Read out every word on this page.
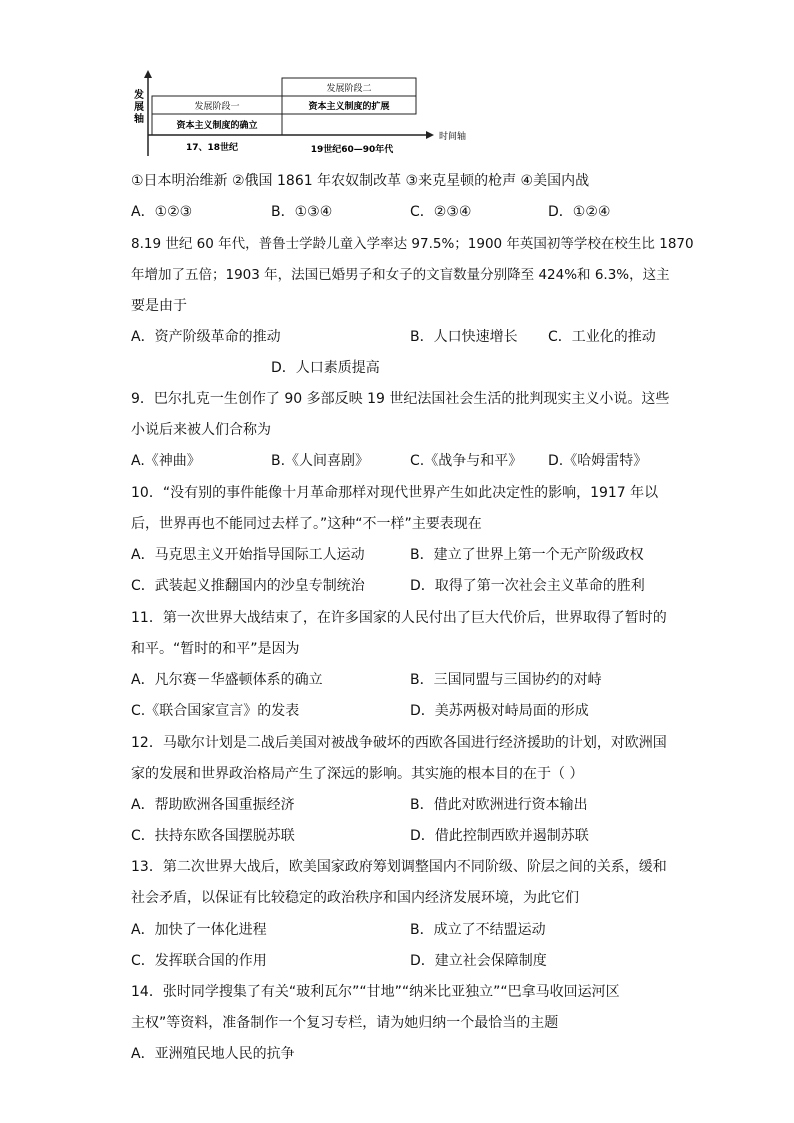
发
展
轴
时间轴
发展阶段一
资本主义制度的确立
17、18世纪
发展阶段二
资本主义制度的扩展
19世纪60—90年代
①日本明治维新 ②俄国 1861 年农奴制改革 ③来克星顿的枪声 ④美国内战
A．①②③	B．①③④	C．②③④	D．①②④
8.19 世纪 60 年代，普鲁士学龄儿童入学率达 97.5%；1900 年英国初等学校在校生比 1870
年增加了五倍；1903 年，法国已婚男子和女子的文盲数量分别降至 424%和 6.3%，这主
要是由于
A．资产阶级革命的推动	B．人口快速增长 C．工业化的推动
D．人口素质提高
9．巴尔扎克一生创作了 90 多部反映 19 世纪法国社会生活的批判现实主义小说。这些
小说后来被人们合称为
A.《神曲》	B.《人间喜剧》	C.《战争与和平》 D.《哈姆雷特》
10．“没有别的事件能像十月革命那样对现代世界产生如此决定性的影响，1917 年以
后，世界再也不能同过去样了。”这种“不一样”主要表现在
A．马克思主义开始指导国际工人运动	B．建立了世界上第一个无产阶级政权
C．武装起义推翻国内的沙皇专制统治	D．取得了第一次社会主义革命的胜利
11．第一次世界大战结束了，在许多国家的人民付出了巨大代价后，世界取得了暂时的
和平。“暂时的和平”是因为
A．凡尔赛－华盛顿体系的确立	B．三国同盟与三国协约的对峙
C.《联合国家宣言》的发表	D．美苏两极对峙局面的形成
12．马歇尔计划是二战后美国对被战争破坏的西欧各国进行经济援助的计划，对欧洲国
家的发展和世界政治格局产生了深远的影响。其实施的根本目的在于（ ）
A．帮助欧洲各国重振经济	B．借此对欧洲进行资本输出
C．扶持东欧各国摆脱苏联	D．借此控制西欧并遏制苏联
13．第二次世界大战后，欧美国家政府筹划调整国内不同阶级、阶层之间的关系，缓和
社会矛盾，以保证有比较稳定的政治秩序和国内经济发展环境，为此它们
A．加快了一体化进程	B．成立了不结盟运动
C．发挥联合国的作用	D．建立社会保障制度
14．张时同学搜集了有关“玻利瓦尔”“甘地”“纳米比亚独立”“巴拿马收回运河区
主权”等资料，准备制作一个复习专栏，请为她归纳一个最恰当的主题
A．亚洲殖民地人民的抗争
